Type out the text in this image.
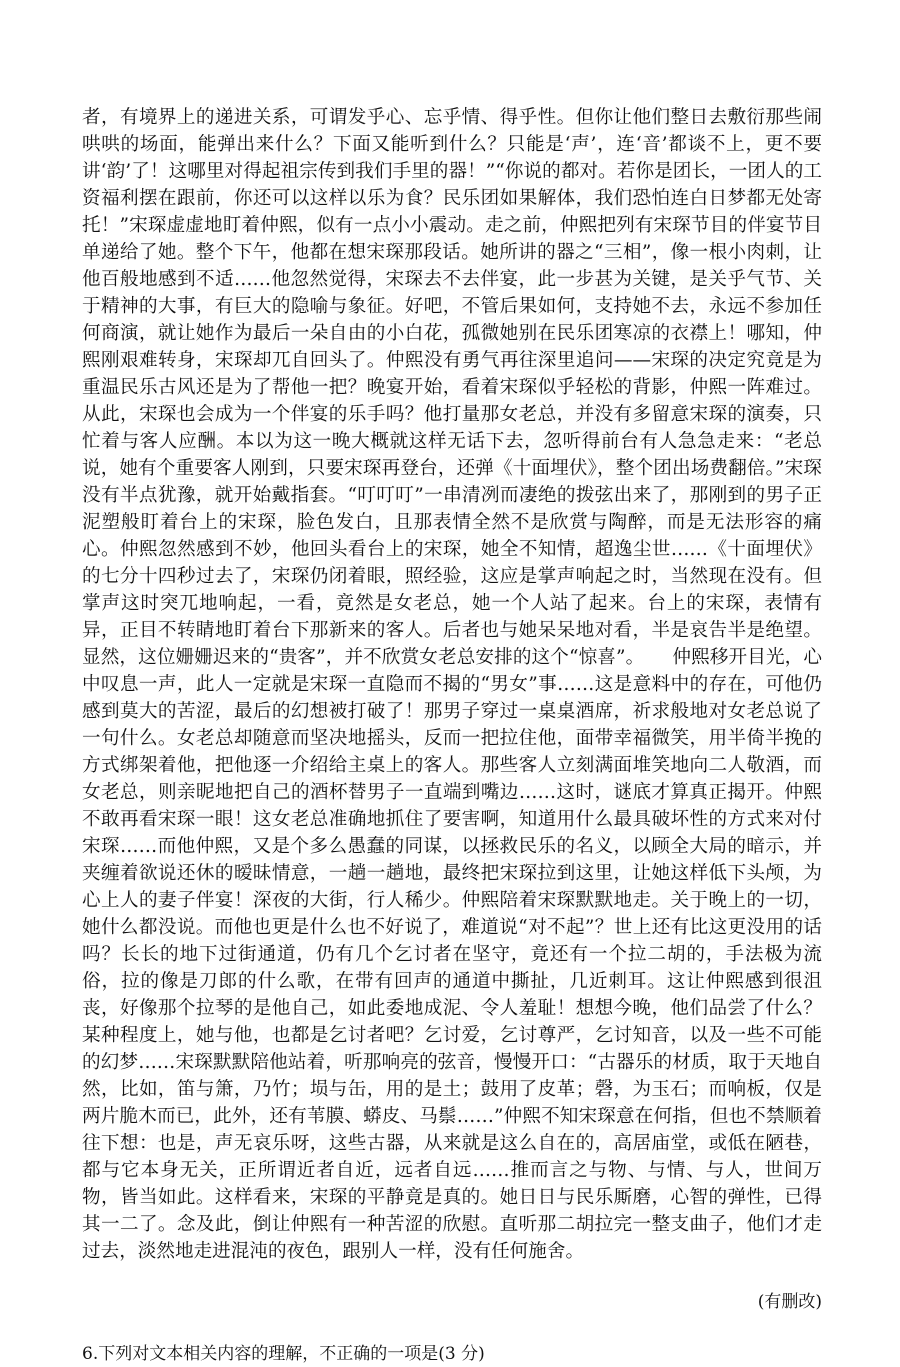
者，有境界上的递进关系，可谓发乎心、忘乎情、得乎性。但你让他们整日去敷衍那些闹哄哄的场面，能弹出来什么？下面又能听到什么？只能是‘声’，连‘音’都谈不上，更不要讲‘韵’了！这哪里对得起祖宗传到我们手里的器！”“你说的都对。若你是团长，一团人的工资福利摆在跟前，你还可以这样以乐为食？民乐团如果解体，我们恐怕连白日梦都无处寄托！”宋琛虚虚地盯着仲熙，似有一点小小震动。走之前，仲熙把列有宋琛节目的伴宴节目单递给了她。整个下午，他都在想宋琛那段话。她所讲的器之“三相”，像一根小肉刺，让他百般地感到不适……他忽然觉得，宋琛去不去伴宴，此一步甚为关键，是关乎气节、关于精神的大事，有巨大的隐喻与象征。好吧，不管后果如何，支持她不去，永远不参加任何商演，就让她作为最后一朵自由的小白花，孤微她别在民乐团寒凉的衣襟上！哪知，仲熙刚艰难转身，宋琛却兀自回头了。仲熙没有勇气再往深里追问——宋琛的决定究竟是为重温民乐古风还是为了帮他一把？晚宴开始，看着宋琛似乎轻松的背影，仲熙一阵难过。从此，宋琛也会成为一个伴宴的乐手吗？他打量那女老总，并没有多留意宋琛的演奏，只忙着与客人应酬。本以为这一晚大概就这样无话下去，忽听得前台有人急急走来：“老总说，她有个重要客人刚到，只要宋琛再登台，还弹《十面埋伏》，整个团出场费翻倍。”宋琛没有半点犹豫，就开始戴指套。“叮叮叮”一串清冽而凄绝的拨弦出来了，那刚到的男子正泥塑般盯着台上的宋琛，脸色发白，且那表情全然不是欣赏与陶醉，而是无法形容的痛心。仲熙忽然感到不妙，他回头看台上的宋琛，她全不知情，超逸尘世……《十面埋伏》的七分十四秒过去了，宋琛仍闭着眼，照经验，这应是掌声响起之时，当然现在没有。但掌声这时突兀地响起，一看，竟然是女老总，她一个人站了起来。台上的宋琛，表情有异，正目不转睛地盯着台下那新来的客人。后者也与她呆呆地对看，半是哀告半是绝望。显然，这位姗姗迟来的“贵客”，并不欣赏女老总安排的这个“惊喜”。　　仲熙移开目光，心中叹息一声，此人一定就是宋琛一直隐而不揭的“男女”事……这是意料中的存在，可他仍感到莫大的苦涩，最后的幻想被打破了！那男子穿过一桌桌酒席，祈求般地对女老总说了一句什么。女老总却随意而坚决地摇头，反而一把拉住他，面带幸福微笑，用半倚半挽的方式绑架着他，把他逐一介绍给主桌上的客人。那些客人立刻满面堆笑地向二人敬酒，而女老总，则亲昵地把自己的酒杯替男子一直端到嘴边……这时，谜底才算真正揭开。仲熙不敢再看宋琛一眼！这女老总准确地抓住了要害啊，知道用什么最具破坏性的方式来对付宋琛……而他仲熙，又是个多么愚蠢的同谋，以拯救民乐的名义，以顾全大局的暗示，并夹缠着欲说还休的暧昧情意，一趟一趟地，最终把宋琛拉到这里，让她这样低下头颅，为心上人的妻子伴宴！深夜的大街，行人稀少。仲熙陪着宋琛默默地走。关于晚上的一切，她什么都没说。而他也更是什么也不好说了，难道说“对不起”？世上还有比这更没用的话吗？长长的地下过街通道，仍有几个乞讨者在坚守，竟还有一个拉二胡的，手法极为流俗，拉的像是刀郎的什么歌，在带有回声的通道中撕扯，几近刺耳。这让仲熙感到很沮丧，好像那个拉琴的是他自己，如此委地成泥、令人羞耻！想想今晚，他们品尝了什么？某种程度上，她与他，也都是乞讨者吧？乞讨爱，乞讨尊严，乞讨知音，以及一些不可能的幻梦……宋琛默默陪他站着，听那响亮的弦音，慢慢开口：“古器乐的材质，取于天地自然，比如，笛与箫，乃竹；埙与缶，用的是土；鼓用了皮革；磬，为玉石；而响板，仅是两片脆木而已，此外，还有苇膜、蟒皮、马鬃……”仲熙不知宋琛意在何指，但也不禁顺着往下想：也是，声无哀乐呀，这些古器，从来就是这么自在的，高居庙堂，或低在陋巷，都与它本身无关，正所谓近者自近，远者自远……推而言之与物、与情、与人，世间万物，皆当如此。这样看来，宋琛的平静竟是真的。她日日与民乐厮磨，心智的弹性，已得其一二了。念及此，倒让仲熙有一种苦涩的欣慰。直听那二胡拉完一整支曲子，他们才走过去，淡然地走进混沌的夜色，跟别人一样，没有任何施舍。

(有删改)
6.下列对文本相关内容的理解，不正确的一项是(3 分)
